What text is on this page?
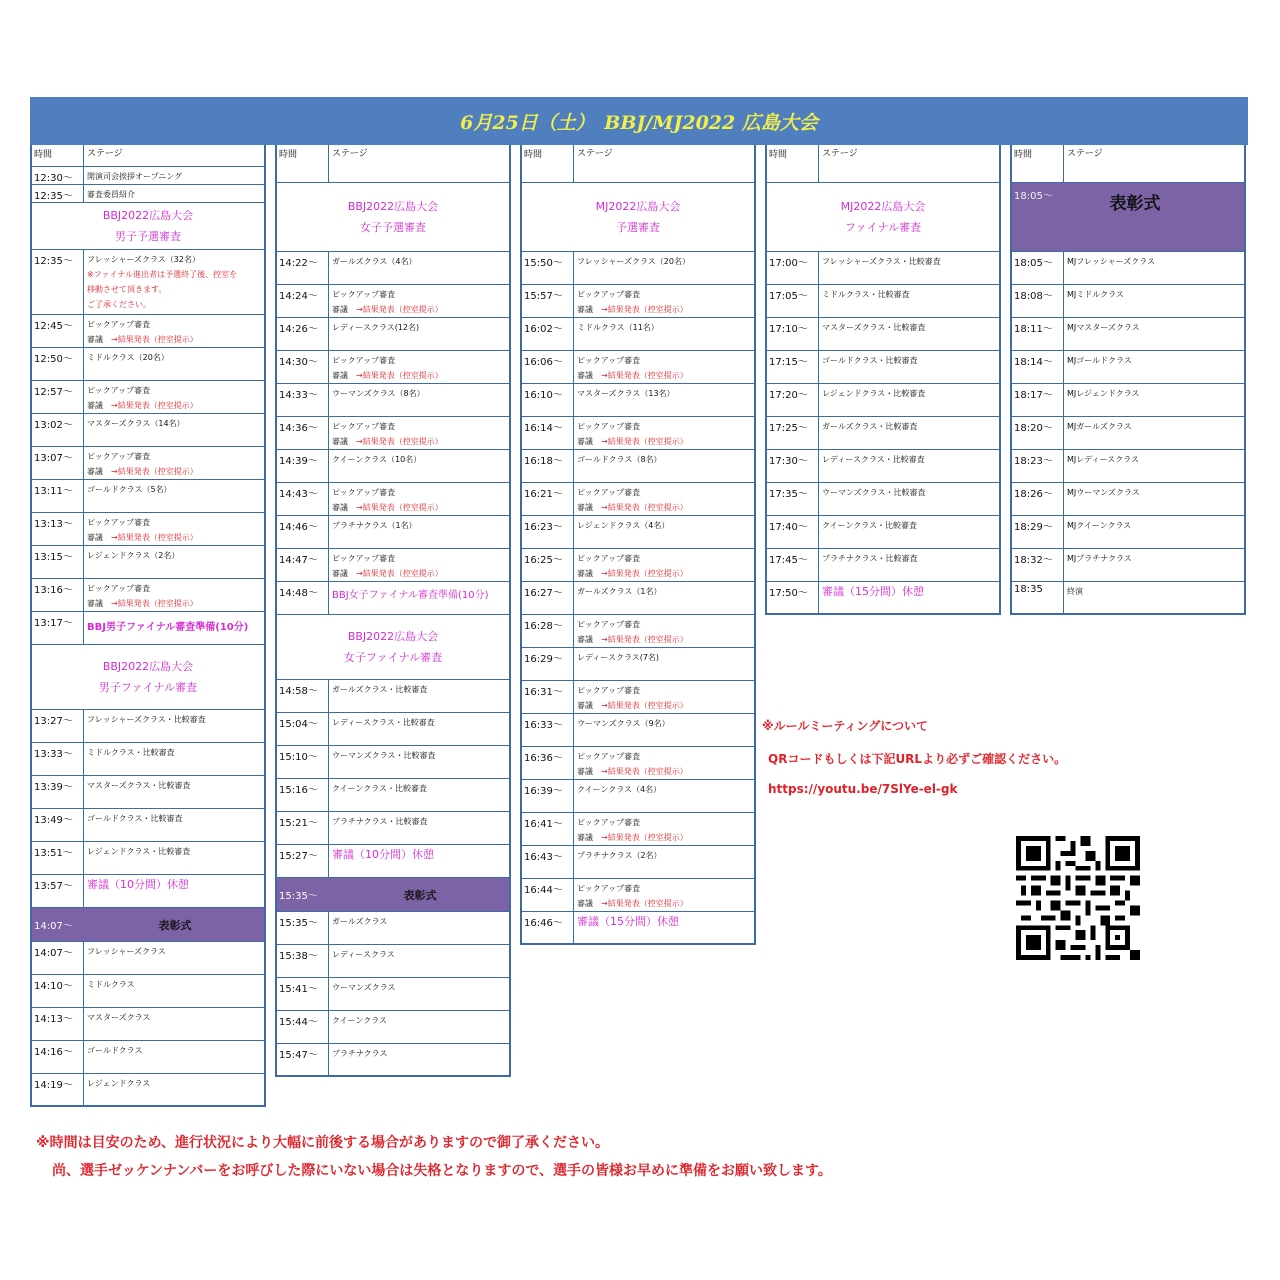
6月25日（土）　BBJ/MJ2022 広島大会
時間	ステージ
12:30～	開演司会挨拶オープニング
12:35～	審査委員紹介
BBJ2022広島大会
男子予選審査
12:35～	フレッシャーズクラス（32名）
※ファイナル進出者は予選終了後、控室を
移動させて頂きます。
ご了承ください。
12:45～	ピックアップ審査
審議　 →結果発表（控室提示）
12:50～	ミドルクラス（20名）
12:57～	ピックアップ審査
審議　 →結果発表（控室提示）
13:02～	マスターズクラス（14名）
13:07～	ピックアップ審査
審議　 →結果発表（控室提示）
13:11～	ゴールドクラス（5名）
13:13～	ピックアップ審査
審議　 →結果発表（控室提示）
13:15～	レジェンドクラス（2名）
13:16～	ピックアップ審査
審議　 →結果発表（控室提示）
13:17～	BBJ男子ファイナル審査準備(10分)
BBJ2022広島大会
男子ファイナル審査
13:27～	フレッシャーズクラス・比較審査
13:33～	ミドルクラス・比較審査
13:39～	マスターズクラス・比較審査
13:49～	ゴールドクラス・比較審査
13:51～	レジェンドクラス・比較審査
13:57～	審議（10分間）休憩
14:07～	表彰式
14:07～	フレッシャーズクラス
14:10～	ミドルクラス
14:13～	マスターズクラス
14:16～	ゴールドクラス
14:19～	レジェンドクラス
時間	ステージ
BBJ2022広島大会
女子予選審査
14:22～	ガールズクラス（4名）
14:24～	ピックアップ審査
審議　 →結果発表（控室提示）
14:26～	レディースクラス(12名)
14:30～	ピックアップ審査
審議　 →結果発表（控室提示）
14:33～	ウーマンズクラス（8名）
14:36～	ピックアップ審査
審議　 →結果発表（控室提示）
14:39～	クイーンクラス（10名）
14:43～	ピックアップ審査
審議　 →結果発表（控室提示）
14:46～	プラチナクラス（1名）
14:47～	ピックアップ審査
審議　 →結果発表（控室提示）
14:48～	BBJ女子ファイナル審査準備(10分)
BBJ2022広島大会
女子ファイナル審査
14:58～	ガールズクラス・比較審査
15:04～	レディースクラス・比較審査
15:10～	ウーマンズクラス・比較審査
15:16～	クイーンクラス・比較審査
15:21～	プラチナクラス・比較審査
15:27～	審議（10分間）休憩
15:35～	表彰式
15:35～	ガールズクラス
15:38～	レディースクラス
15:41～	ウーマンズクラス
15:44～	クイーンクラス
15:47～	プラチナクラス
時間	ステージ
MJ2022広島大会
予選審査
15:50～	フレッシャーズクラス（20名）
15:57～	ピックアップ審査
審議　 →結果発表（控室提示）
16:02～	ミドルクラス（11名）
16:06～	ピックアップ審査
審議　 →結果発表（控室提示）
16:10～	マスターズクラス（13名）
16:14～	ピックアップ審査
審議　 →結果発表（控室提示）
16:18～	ゴールドクラス（8名）
16:21～	ピックアップ審査
審議　 →結果発表（控室提示）
16:23～	レジェンドクラス（4名）
16:25～	ピックアップ審査
審議　 →結果発表（控室提示）
16:27～	ガールズクラス（1名）
16:28～	ピックアップ審査
審議　 →結果発表（控室提示）
16:29～	レディースクラス(7名)
16:31～	ピックアップ審査
審議　 →結果発表（控室提示）
16:33～	ウーマンズクラス（9名）
16:36～	ピックアップ審査
審議　 →結果発表（控室提示）
16:39～	クイーンクラス（4名）
16:41～	ピックアップ審査
審議　 →結果発表（控室提示）
16:43～	プラチナクラス（2名）
16:44～	ピックアップ審査
審議　 →結果発表（控室提示）
16:46～	審議（15分間）休憩
時間	ステージ
MJ2022広島大会
ファイナル審査
17:00～	フレッシャーズクラス・比較審査
17:05～	ミドルクラス・比較審査
17:10～	マスターズクラス・比較審査
17:15～	ゴールドクラス・比較審査
17:20～	レジェンドクラス・比較審査
17:25～	ガールズクラス・比較審査
17:30～	レディースクラス・比較審査
17:35～	ウーマンズクラス・比較審査
17:40～	クイーンクラス・比較審査
17:45～	プラチナクラス・比較審査
17:50～	審議（15分間）休憩
時間	ステージ
18:05～	表彰式
18:05～	MJフレッシャーズクラス
18:08～	MJミドルクラス
18:11～	MJマスターズクラス
18:14～	MJゴールドクラス
18:17～	MJレジェンドクラス
18:20～	MJガールズクラス
18:23～	MJレディースクラス
18:26～	MJウーマンズクラス
18:29～	MJクイーンクラス
18:32～	MJプラチナクラス
18:35	終演
※ルールミーティングについて
QRコードもしくは下記URLより必ずご確認ください。
https://youtu.be/7SlYe-el-gk
※時間は目安のため、進行状況により大幅に前後する場合がありますので御了承ください。
尚、選手ゼッケンナンバーをお呼びした際にいない場合は失格となりますので、選手の皆様お早めに準備をお願い致します。
